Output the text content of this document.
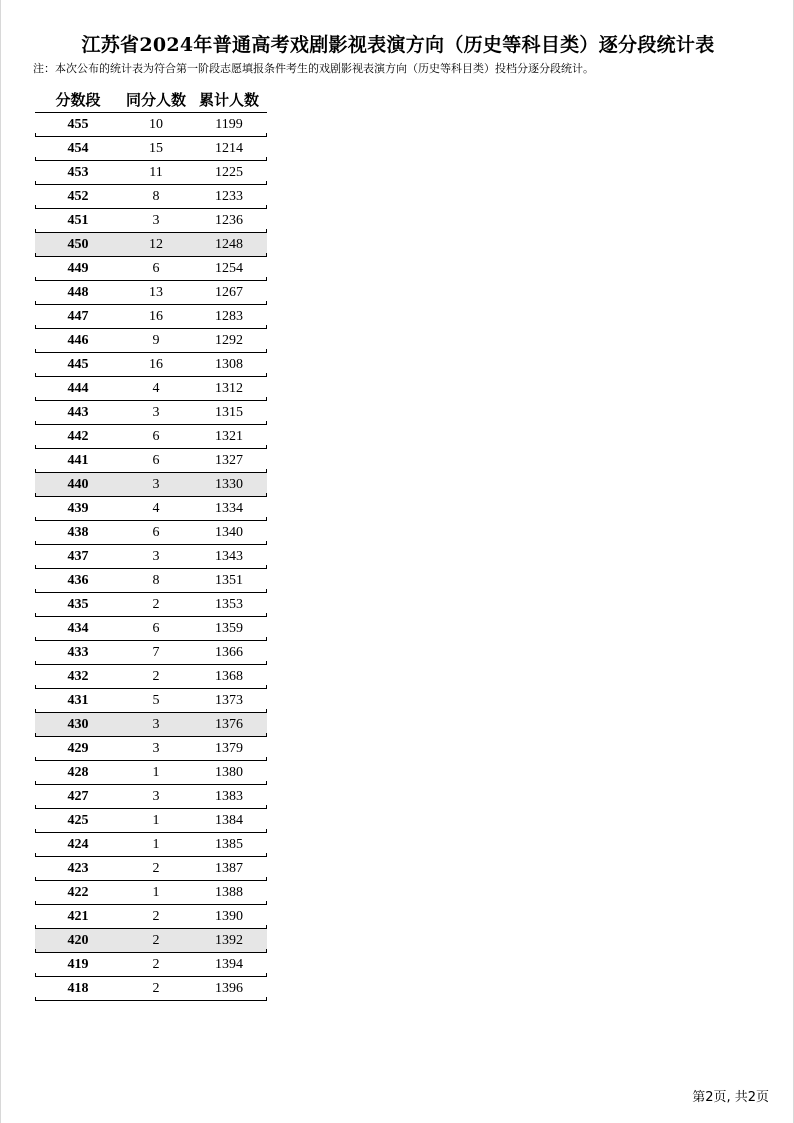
江苏省2024年普通高考戏剧影视表演方向（历史等科目类）逐分段统计表
注：本次公布的统计表为符合第一阶段志愿填报条件考生的戏剧影视表演方向（历史等科目类）投档分逐分段统计。
分数段	同分人数 累计人数
455	10	1199
454	15	1214
453	11	1225
452	8	1233
451	3	1236
450	12	1248
449	6	1254
448	13	1267
447	16	1283
446	9	1292
445	16	1308
444	4	1312
443	3	1315
442	6	1321
441	6	1327
440	3	1330
439	4	1334
438	6	1340
437	3	1343
436	8	1351
435	2	1353
434	6	1359
433	7	1366
432	2	1368
431	5	1373
430	3	1376
429	3	1379
428	1	1380
427	3	1383
425	1	1384
424	1	1385
423	2	1387
422	1	1388
421	2	1390
420	2	1392
419	2	1394
418	2	1396
第2页, 共2页
